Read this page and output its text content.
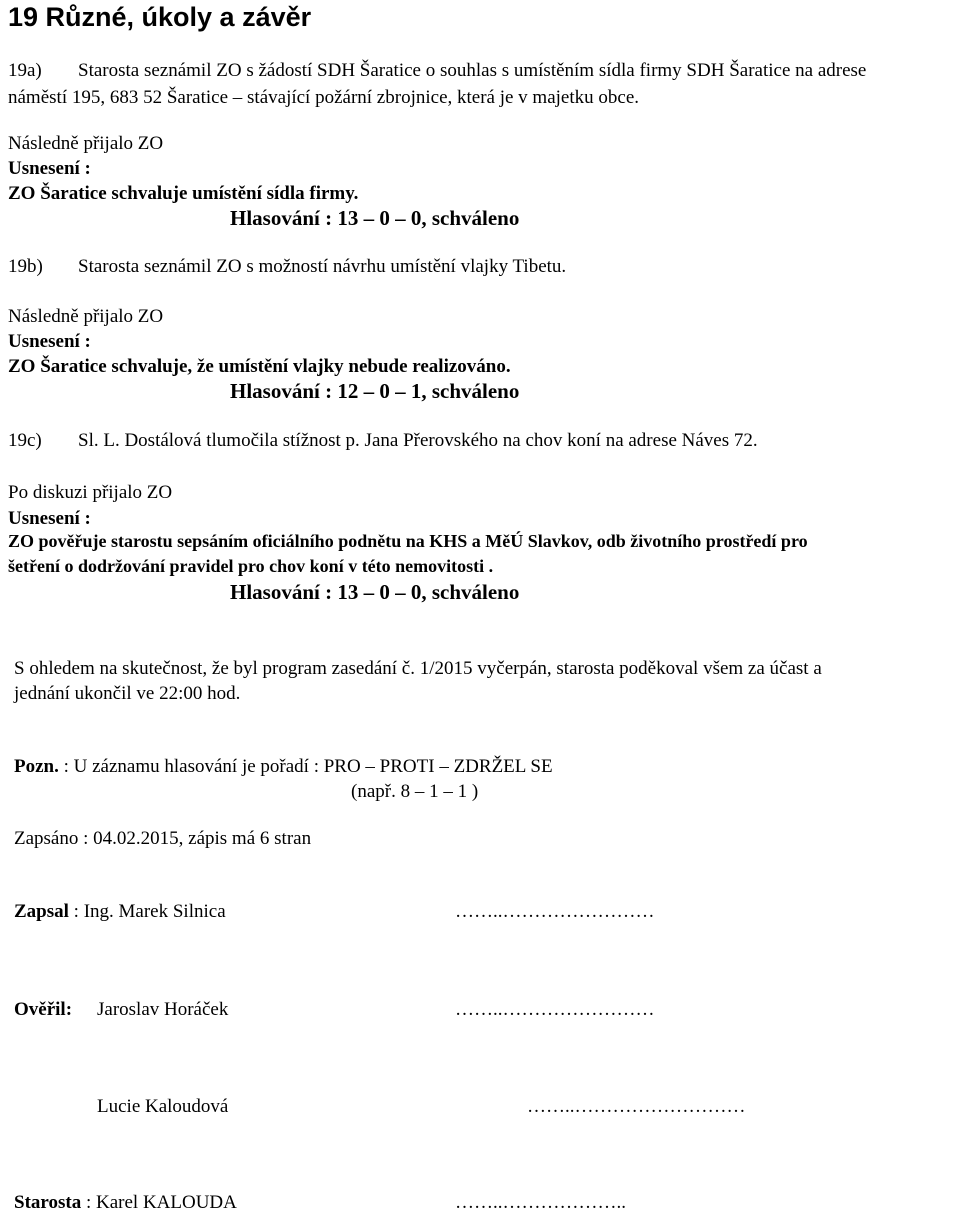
19 Různé, úkoly a závěr
19a) Starosta seznámil ZO s žádostí SDH Šaratice o souhlas s umístěním sídla firmy SDH Šaratice na adrese
náměstí 195, 683 52 Šaratice – stávající požární zbrojnice, která je v majetku obce.
Následně přijalo ZO
Usnesení :
ZO Šaratice schvaluje umístění sídla firmy.
Hlasování : 13 – 0 – 0, schváleno
19b) Starosta seznámil ZO s možností návrhu umístění vlajky Tibetu.
Následně přijalo ZO
Usnesení :
ZO Šaratice schvaluje, že umístění vlajky nebude realizováno.
Hlasování : 12 – 0 – 1, schváleno
19c) Sl. L. Dostálová tlumočila stížnost p. Jana Přerovského na chov koní na adrese Náves 72.
Po diskuzi přijalo ZO
Usnesení :
ZO pověřuje starostu sepsáním oficiálního podnětu na KHS a MěÚ Slavkov, odb životního prostředí pro
šetření o dodržování pravidel pro chov koní v této nemovitosti .
Hlasování : 13 – 0 – 0, schváleno
S ohledem na skutečnost, že byl program zasedání č. 1/2015 vyčerpán, starosta poděkoval všem za účast a
jednání ukončil ve 22:00 hod.
Pozn. : U záznamu hlasování je pořadí : PRO – PROTI – ZDRŽEL SE
(např. 8 – 1 – 1 )
Zapsáno : 04.02.2015, zápis má 6 stran
Zapsal : Ing. Marek Silnica	……..……………………
Ověřil: Jaroslav Horáček	……..……………………
Lucie Kaloudová	……..………………………
Starosta : Karel KALOUDA	……..………………..
